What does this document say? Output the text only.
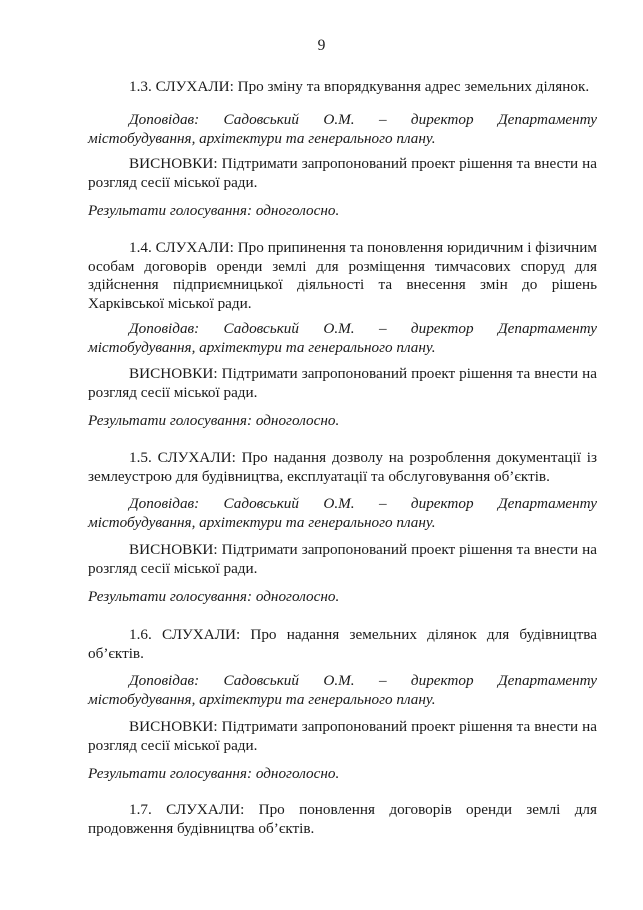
9
1.3. СЛУХАЛИ: Про зміну та впорядкування адрес земельних ділянок.
Доповідав: Садовський О.М. – директор Департаменту
містобудування, архітектури та генерального плану.
ВИСНОВКИ: Підтримати запропонований проект рішення та внести на
розгляд сесії міської ради.
Результати голосування: одноголосно.
1.4. СЛУХАЛИ: Про припинення та поновлення юридичним і фізичним
особам договорів оренди землі для розміщення тимчасових споруд для
здійснення підприємницької діяльності та внесення змін до рішень
Харківської міської ради.
Доповідав: Садовський О.М. – директор Департаменту
містобудування, архітектури та генерального плану.
ВИСНОВКИ: Підтримати запропонований проект рішення та внести на
розгляд сесії міської ради.
Результати голосування: одноголосно.
1.5. СЛУХАЛИ: Про надання дозволу на розроблення документації із
землеустрою для будівництва, експлуатації та обслуговування об’єктів.
Доповідав: Садовський О.М. – директор Департаменту
містобудування, архітектури та генерального плану.
ВИСНОВКИ: Підтримати запропонований проект рішення та внести на
розгляд сесії міської ради.
Результати голосування: одноголосно.
1.6. СЛУХАЛИ: Про надання земельних ділянок для будівництва
об’єктів.
Доповідав: Садовський О.М. – директор Департаменту
містобудування, архітектури та генерального плану.
ВИСНОВКИ: Підтримати запропонований проект рішення та внести на
розгляд сесії міської ради.
Результати голосування: одноголосно.
1.7. СЛУХАЛИ: Про поновлення договорів оренди землі для
продовження будівництва об’єктів.
